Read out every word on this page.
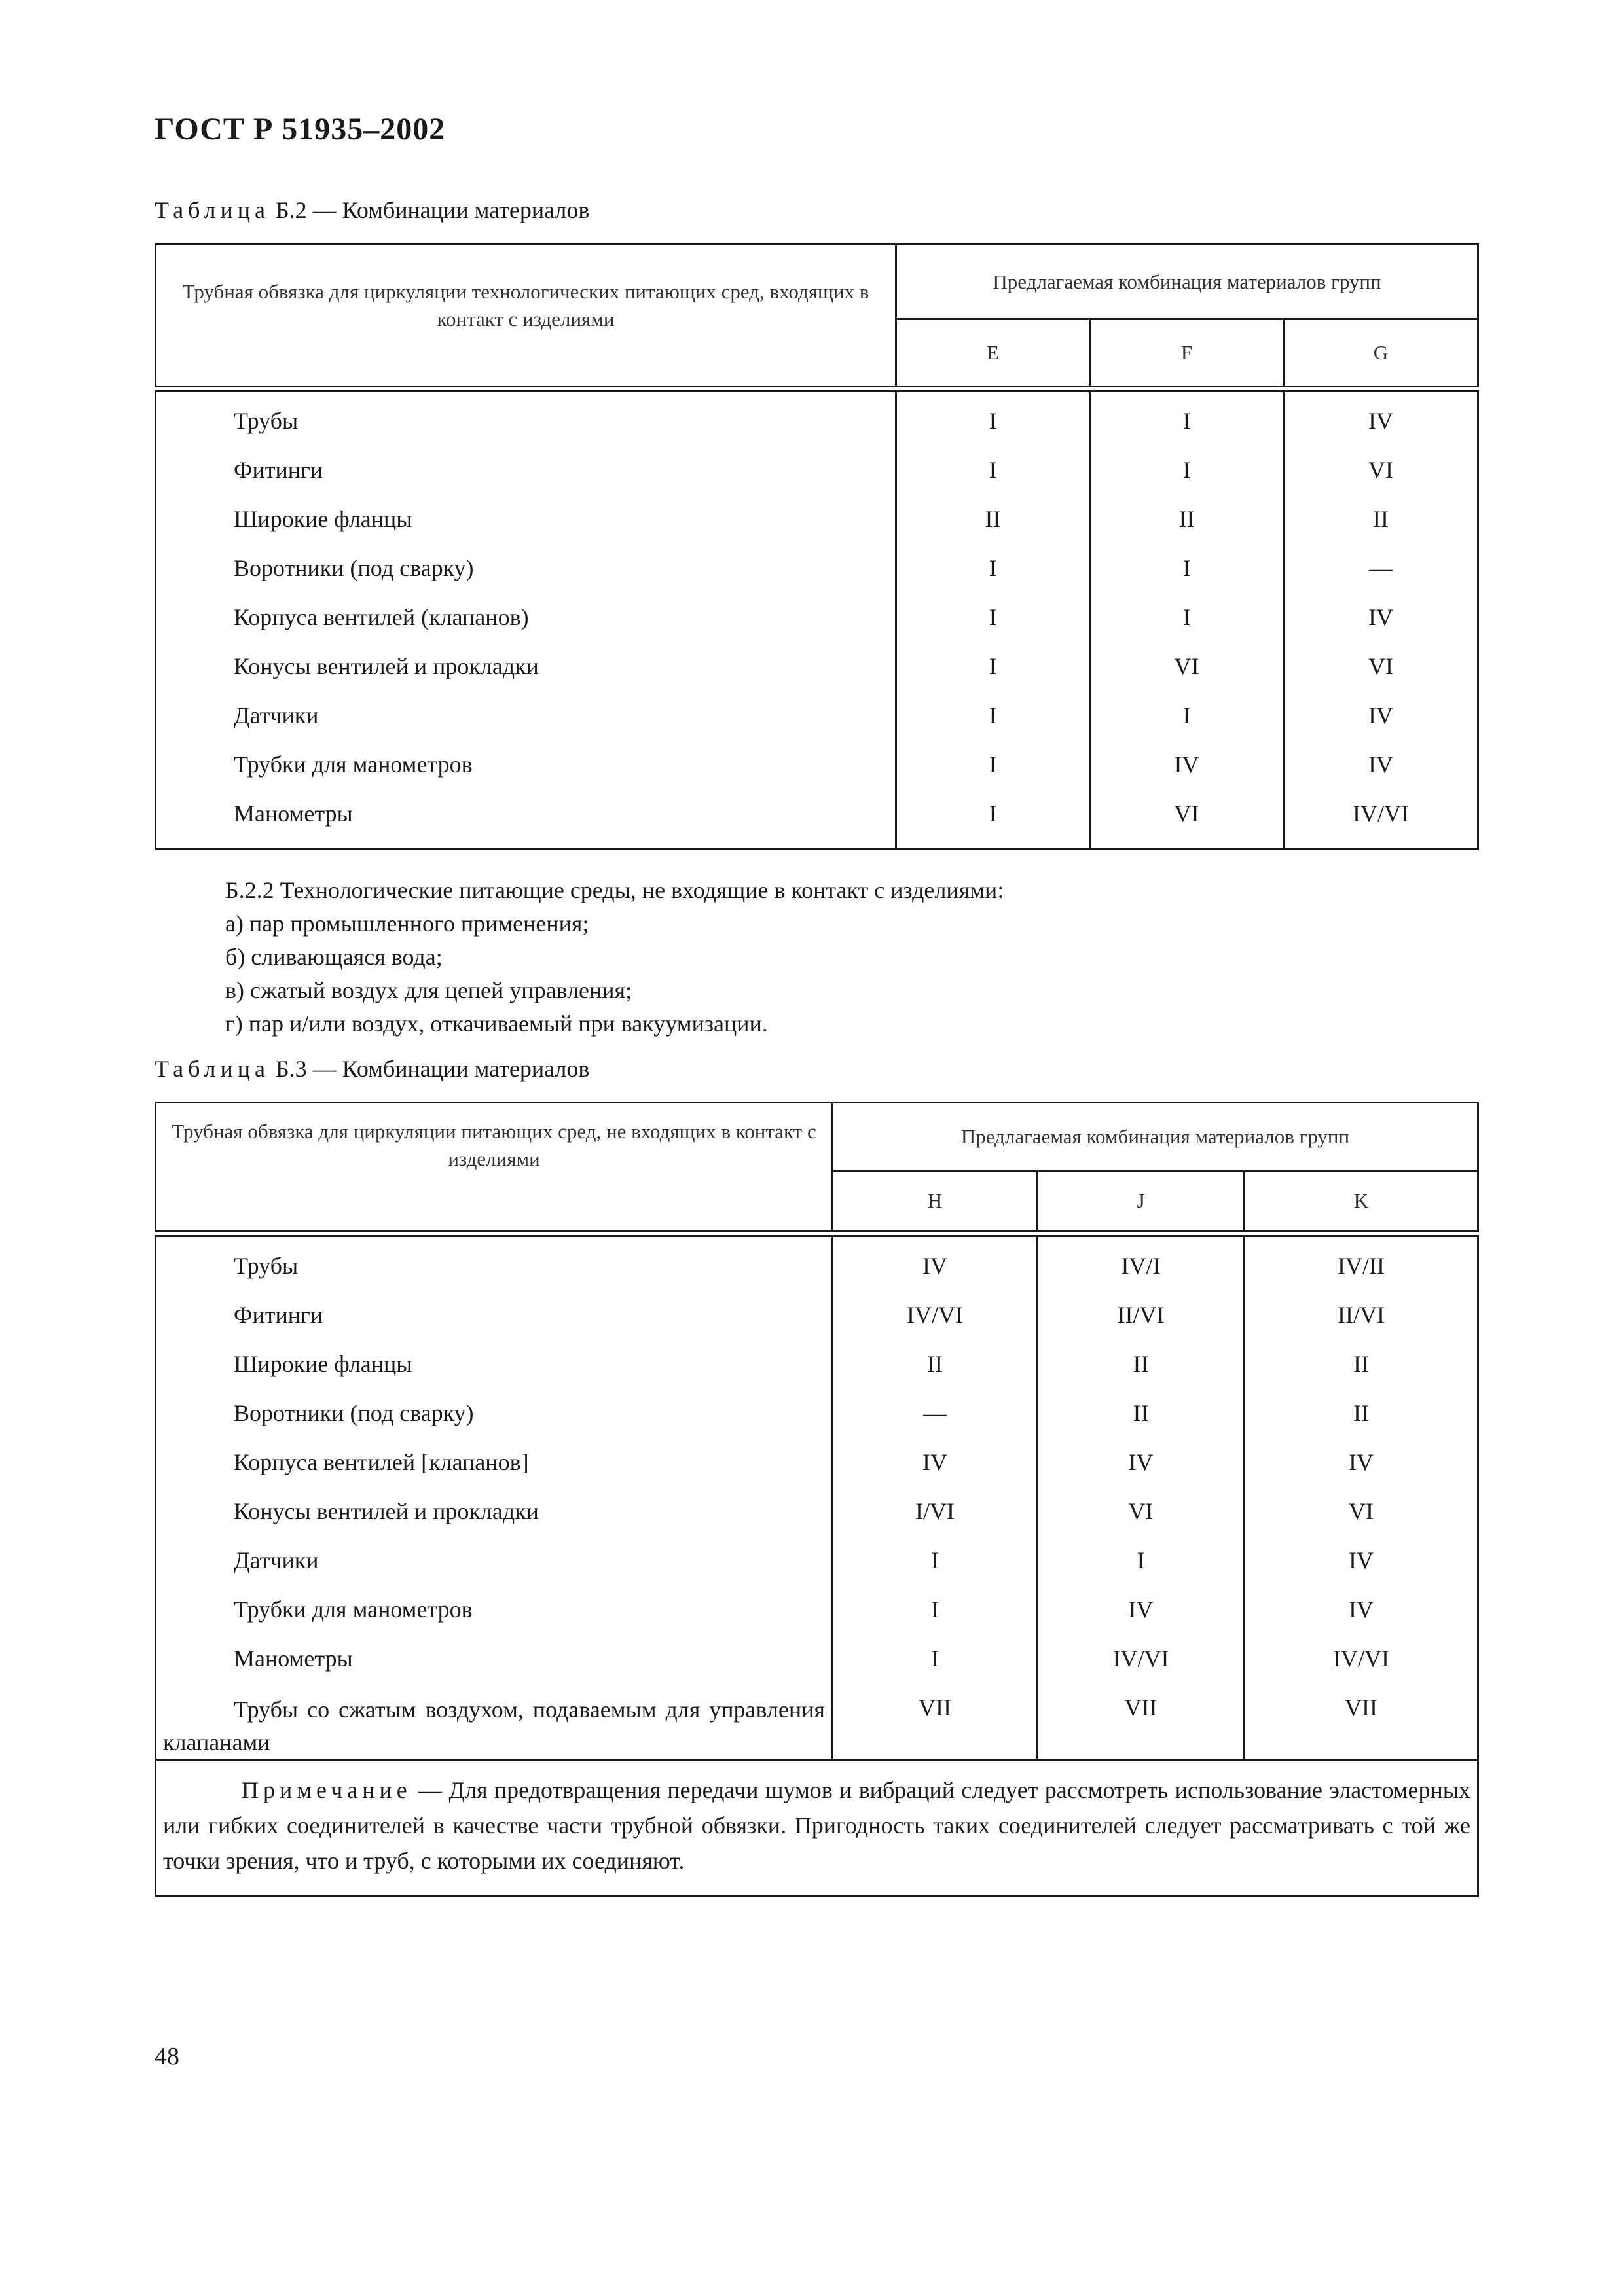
ГОСТ Р 51935–2002
Таблица Б.2 — Комбинации материалов
Трубная обвязка для циркуляции технологических питающих сред, входящих в контакт с изделиями	Предлагаемая комбинация материалов групп		
	E	F	G
Трубы	I	I	IV
Фитинги	I	I	VI
Широкие фланцы	II	II	II
Воротники (под сварку)	I	I	—
Корпуса вентилей (клапанов)	I	I	IV
Конусы вентилей и прокладки	I	VI	VI
Датчики	I	I	IV
Трубки для манометров	I	IV	IV
Манометры	I	VI	IV/VI

Б.2.2 Технологические питающие среды, не входящие в контакт с изделиями:

а) пар промышленного применения;

б) сливающаяся вода;

в) сжатый воздух для цепей управления;

г) пар и/или воздух, откачиваемый при вакуумизации.

Таблица Б.3 — Комбинации материалов
Трубная обвязка для циркуляции питающих сред, не входящих в контакт с изделиями	Предлагаемая комбинация материалов групп		
	H	J	K
Трубы	IV	IV/I	IV/II
Фитинги	IV/VI	II/VI	II/VI
Широкие фланцы	II	II	II
Воротники (под сварку)	—	II	II
Корпуса вентилей [клапанов]	IV	IV	IV
Конусы вентилей и прокладки	I/VI	VI	VI
Датчики	I	I	IV
Трубки для манометров	I	IV	IV
Манометры	I	IV/VI	IV/VI
Трубы со сжатым воздухом, подаваемым для управления клапанами	VII	VII	VII
Примечание — Для предотвращения передачи шумов и вибраций следует рассмотреть использование эластомерных или гибких соединителей в качестве части трубной обвязки. Пригодность таких соединителей следует рассматривать с той же точки зрения, что и труб, с которыми их соединяют.			
48
